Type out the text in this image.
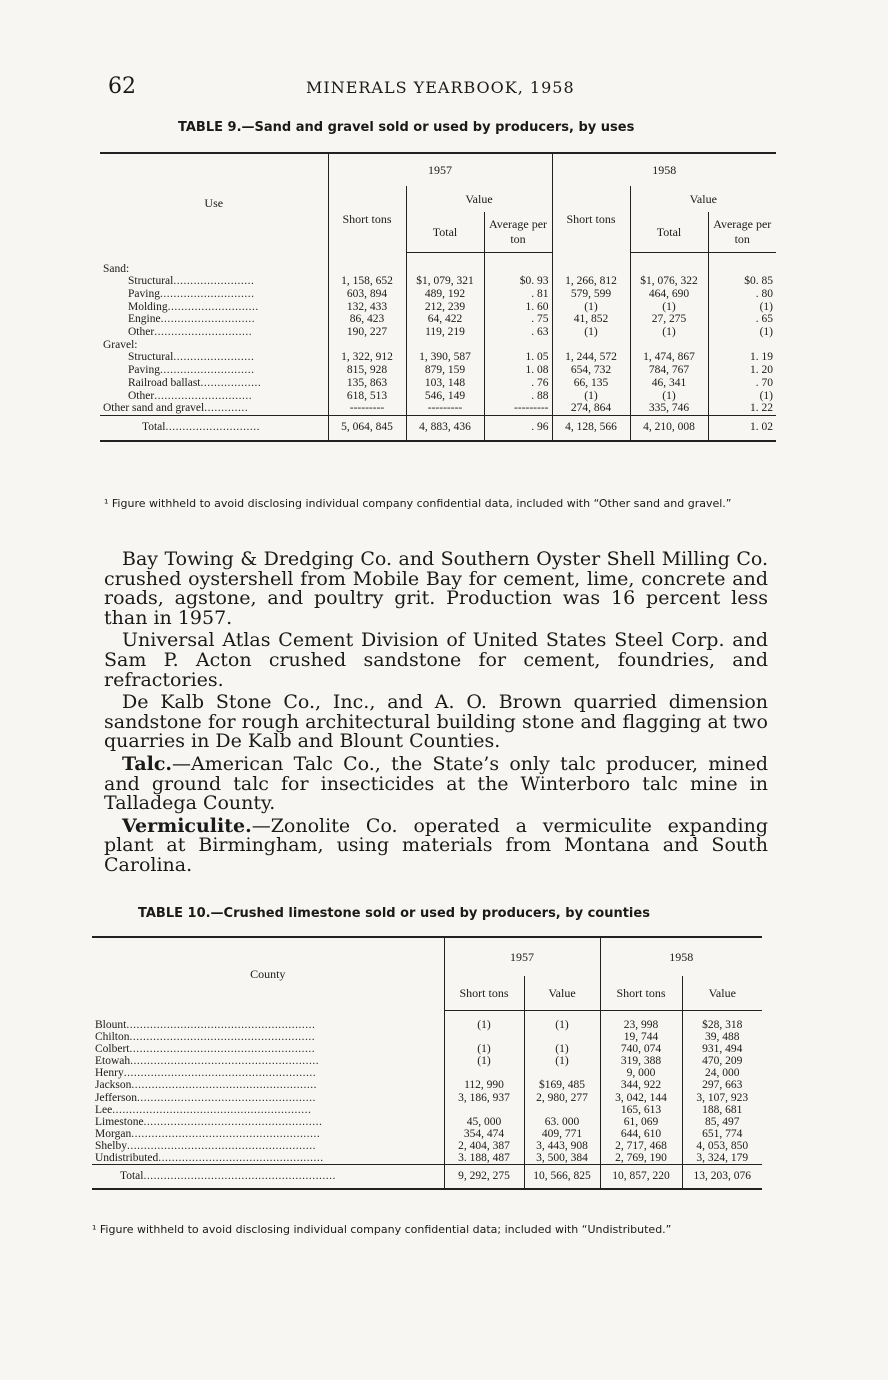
62	MINERALS YEARBOOK, 1958
TABLE 9.—Sand and gravel sold or used by producers, by uses
Use	1957			1958		
	Short tons	Value		Short tons	Value	
		Total	Average per ton		Total	Average per ton
Sand:						
Structural........................	1, 158, 652	$1, 079, 321	$0. 93	1, 266, 812	$1, 076, 322	$0. 85
Paving............................	603, 894	489, 192	. 81	579, 599	464, 690	. 80
Molding...........................	132, 433	212, 239	1. 60	(1)	(1)	(1)
Engine............................	86, 423	64, 422	. 75	41, 852	27, 275	. 65
Other.............................	190, 227	119, 219	. 63	(1)	(1)	(1)
Gravel:						
Structural........................	1, 322, 912	1, 390, 587	1. 05	1, 244, 572	1, 474, 867	1. 19
Paving............................	815, 928	879, 159	1. 08	654, 732	784, 767	1. 20
Railroad ballast..................	135, 863	103, 148	. 76	66, 135	46, 341	. 70
Other.............................	618, 513	546, 149	. 88	(1)	(1)	(1)
Other sand and gravel.............	---------	---------	---------	274, 864	335, 746	1. 22
Total............................	5, 064, 845	4, 883, 436	. 96	4, 128, 566	4, 210, 008	1. 02
¹ Figure withheld to avoid disclosing individual company confidential data, included with “Other sand and gravel.”

Bay Towing & Dredging Co. and Southern Oyster Shell Milling Co. crushed oystershell from Mobile Bay for cement, lime, concrete and roads, agstone, and poultry grit. Production was 16 percent less than in 1957.

Universal Atlas Cement Division of United States Steel Corp. and Sam P. Acton crushed sandstone for cement, foundries, and refractories.

De Kalb Stone Co., Inc., and A. O. Brown quarried dimension sandstone for rough architectural building stone and flagging at two quarries in De Kalb and Blount Counties.

Talc.—American Talc Co., the State’s only talc producer, mined and ground talc for insecticides at the Winterboro talc mine in Talladega County.

Vermiculite.—Zonolite Co. operated a vermiculite expanding plant at Birmingham, using materials from Montana and South Carolina.

TABLE 10.—Crushed limestone sold or used by producers, by counties
County	1957		1958	
	Short tons	Value	Short tons	Value
Blount........................................................	(1)	(1)	23, 998	$28, 318
Chilton.......................................................			19, 744	39, 488
Colbert.......................................................	(1)	(1)	740, 074	931, 494
Etowah........................................................	(1)	(1)	319, 388	470, 209
Henry.........................................................			9, 000	24, 000
Jackson.......................................................	112, 990	$169, 485	344, 922	297, 663
Jefferson.....................................................	3, 186, 937	2, 980, 277	3, 042, 144	3, 107, 923
Lee...........................................................			165, 613	188, 681
Limestone.....................................................	45, 000	63. 000	61, 069	85, 497
Morgan........................................................	354, 474	409, 771	644, 610	651, 774
Shelby........................................................	2, 404, 387	3, 443, 908	2, 717, 468	4, 053, 850
Undistributed.................................................	3. 188, 487	3, 500, 384	2, 769, 190	3, 324, 179
Total.........................................................	9, 292, 275	10, 566, 825	10, 857, 220	13, 203, 076
¹ Figure withheld to avoid disclosing individual company confidential data; included with “Undistributed.”
